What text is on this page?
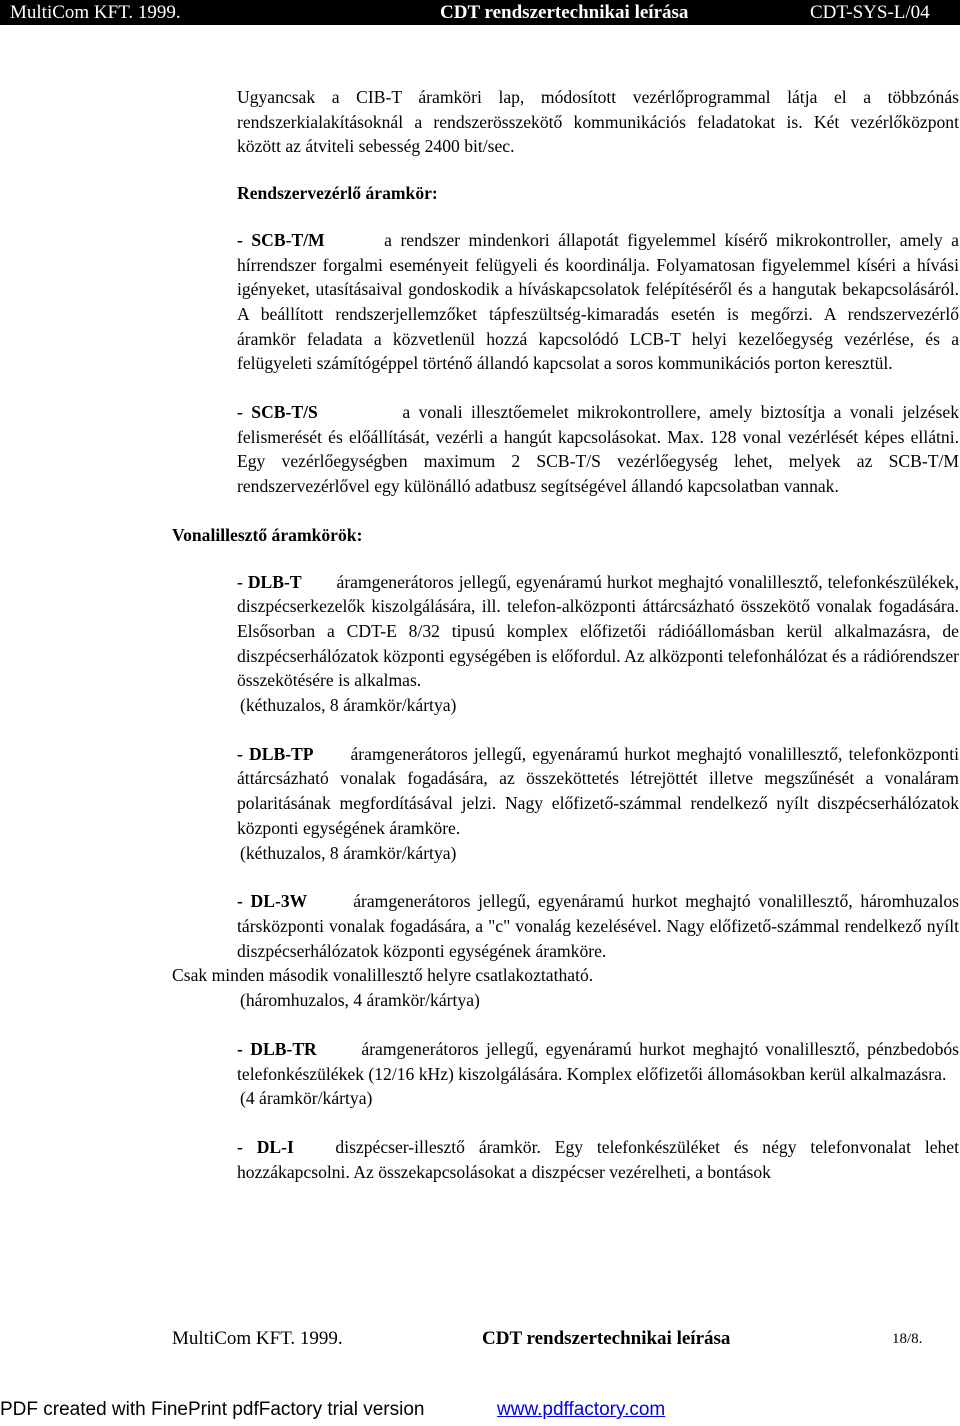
MultiCom KFT. 1999.	CDT rendszertechnikai leírása	CDT-SYS-L/04

Ugyancsak a CIB-T áramköri lap, módosított vezérlőprogrammal látja el a többzónás rendszerkialakításoknál a rendszerösszekötő kommunikációs feladatokat is. Két vezérlőközpont között az átviteli sebesség 2400 bit/sec.

Rendszervezérlő áramkör:

- SCB-T/M	a rendszer mindenkori állapotát figyelemmel kísérő mikrokontroller, amely a hírrendszer forgalmi eseményeit felügyeli és koordinálja. Folyamatosan figyelemmel kíséri a hívási igényeket, utasításaival gondoskodik a híváskapcsolatok felépítéséről és a hangutak bekapcsolásáról. A beállított rendszerjellemzőket tápfeszültség-kimaradás esetén is megőrzi. A rendszervezérlő áramkör feladata a közvetlenül hozzá kapcsolódó LCB-T helyi kezelőegység vezérlése, és a felügyeleti számítógéppel történő állandó kapcsolat a soros kommunikációs porton keresztül.

- SCB-T/S	a vonali illesztőemelet mikrokontrollere, amely biztosítja a vonali jelzések felismerését és előállítását, vezérli a hangút kapcsolásokat. Max. 128 vonal vezérlését képes ellátni. Egy vezérlőegységben maximum 2 SCB-T/S vezérlőegység lehet, melyek az SCB-T/M rendszervezérlővel egy különálló adatbusz segítségével állandó kapcsolatban vannak.

Vonalillesztő áramkörök:

- DLB-T áramgenerátoros jellegű, egyenáramú hurkot meghajtó vonalillesztő, telefonkészülékek, diszpécserkezelők kiszolgálására, ill. telefon-alközponti áttárcsázható összekötő vonalak fogadására. Elsősorban a CDT-E 8/32 tipusú komplex előfizetői rádióállomásban kerül alkalmazásra, de diszpécserhálózatok központi egységében is előfordul. Az alközponti telefonhálózat és a rádiórendszer összekötésére is alkalmas.

(kéthuzalos, 8 áramkör/kártya)

- DLB-TP áramgenerátoros jellegű, egyenáramú hurkot meghajtó vonalillesztő, telefonközponti áttárcsázható vonalak fogadására, az összeköttetés létrejöttét illetve megszűnését a vonaláram polaritásának megfordításával jelzi. Nagy előfizető-számmal rendelkező nyílt diszpécserhálózatok központi egységének áramköre.

(kéthuzalos, 8 áramkör/kártya)

- DL-3W	áramgenerátoros jellegű, egyenáramú hurkot meghajtó vonalillesztő, háromhuzalos társközponti vonalak fogadására, a "c" vonalág kezelésével. Nagy előfizető-számmal rendelkező nyílt diszpécserhálózatok központi egységének áramköre.

Csak minden második vonalillesztő helyre csatlakoztatható.

(háromhuzalos, 4 áramkör/kártya)

- DLB-TR	áramgenerátoros jellegű, egyenáramú hurkot meghajtó vonalillesztő, pénzbedobós telefonkészülékek (12/16 kHz) kiszolgálására. Komplex előfizetői állomásokban kerül alkalmazásra.

(4 áramkör/kártya)

- DL-I diszpécser-illesztő áramkör. Egy telefonkészüléket és négy telefonvonalat lehet hozzákapcsolni. Az összekapcsolásokat a diszpécser vezérelheti, a bontások

MultiCom KFT. 1999.	CDT rendszertechnikai leírása	18/8.
PDF created with FinePrint pdfFactory trial version	www.pdffactory.com
